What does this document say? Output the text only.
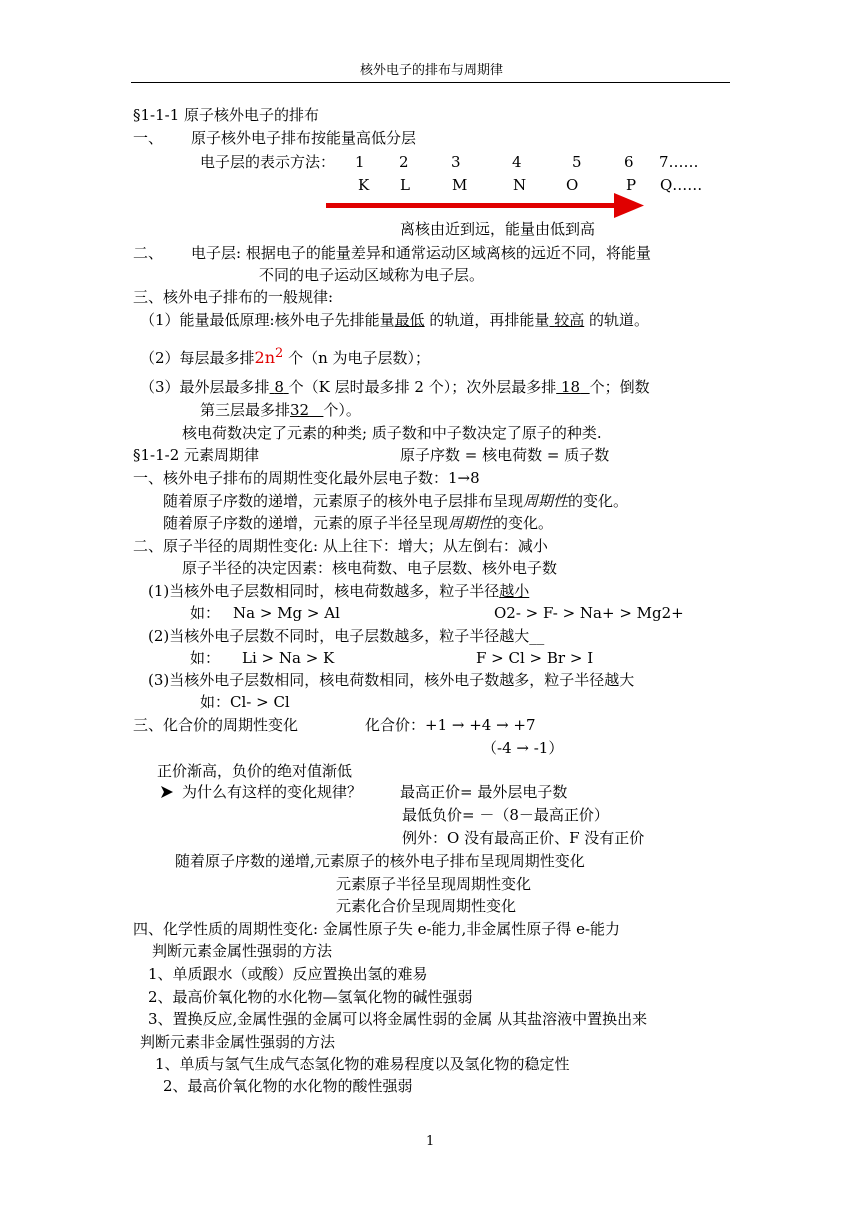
核外电子的排布与周期律
§1-1-1 原子核外电子的排布
一、 原子核外电子排布按能量高低分层
电子层的表示方法： 1 2	3	4	5	6 7……
K L	M	N	O	P Q……
离核由近到远，能量由低到高
二、 电子层: 根据电子的能量差异和通常运动区域离核的远近不同，将能量
不同的电子运动区域称为电子层。
三、核外电子排布的一般规律:
（1）能量最低原理:核外电子先排能量最低 的轨道，再排能量 较高 的轨道。
（2）每层最多排$2n^2$ 个（n 为电子层数）；
（3）最外层最多排 8 个（K 层时最多排 2 个）；次外层最多排 18 个；倒数
第三层最多排32 个）。
核电荷数决定了元素的种类; 质子数和中子数决定了原子的种类.
§1-1-2 元素周期律	原子序数 = 核电荷数 = 质子数
一、核外电子排布的周期性变化最外层电子数：1→8
随着原子序数的递增，元素原子的核外电子层排布呈现周期性的变化。
随着原子序数的递增，元素的原子半径呈现周期性的变化。
二、原子半径的周期性变化: 从上往下：增大；从左倒右：减小
原子半径的决定因素：核电荷数、电子层数、核外电子数
(1)当核外电子层数相同时，核电荷数越多，粒子半径越小
如： Na > Mg > Al	O2- > F- > Na+ > Mg2+
(2)当核外电子层数不同时，电子层数越多，粒子半径越大__
如： Li > Na > K	F > Cl > Br > I
(3)当核外电子层数相同，核电荷数相同，核外电子数越多，粒子半径越大
如：Cl- > Cl
三、化合价的周期性变化	化合价：+1 → +4 → +7
（-4 → -1）
正价渐高，负价的绝对值渐低
为什么有这样的变化规律？	最高正价= 最外层电子数
最低负价= －（8－最高正价）
例外：O 没有最高正价、F 没有正价
随着原子序数的递增,元素原子的核外电子排布呈现周期性变化
元素原子半径呈现周期性变化
元素化合价呈现周期性变化
四、化学性质的周期性变化: 金属性原子失 e-能力,非金属性原子得 e-能力
判断元素金属性强弱的方法
1、单质跟水（或酸）反应置换出氢的难易
2、最高价氧化物的水化物—氢氧化物的碱性强弱
3、置换反应,金属性强的金属可以将金属性弱的金属 从其盐溶液中置换出来
判断元素非金属性强弱的方法
1、单质与氢气生成气态氢化物的难易程度以及氢化物的稳定性
2、最高价氧化物的水化物的酸性强弱
1
